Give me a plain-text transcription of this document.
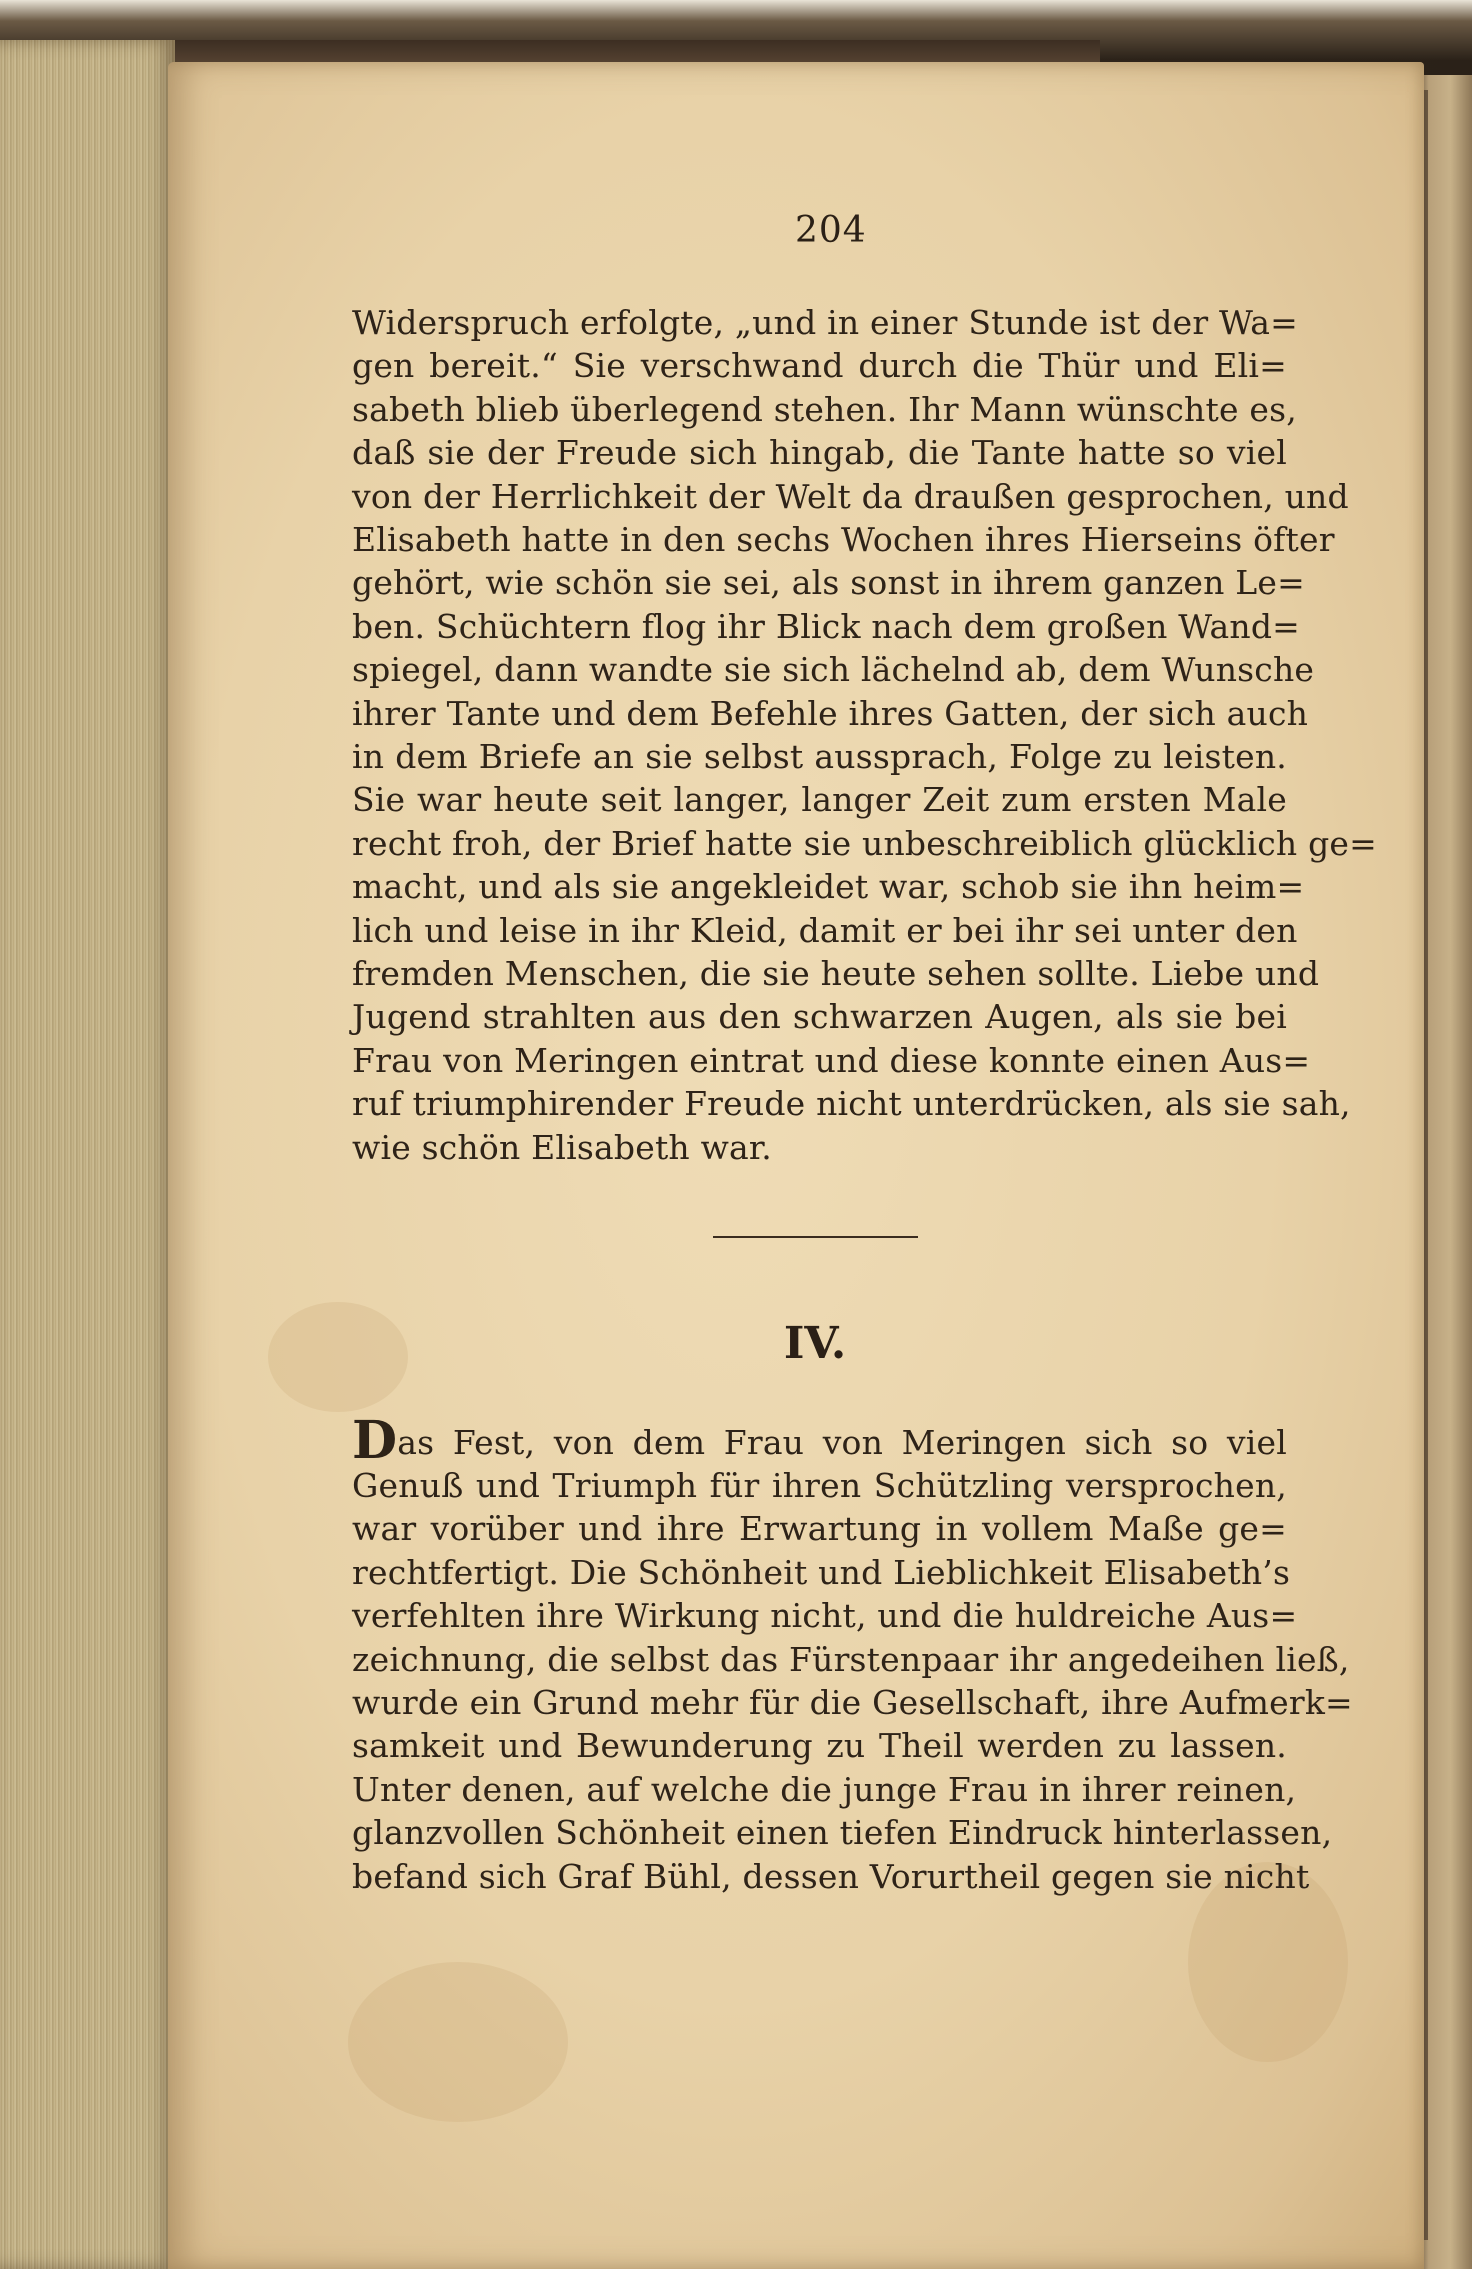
204
Widerspruch erfolgte, „und in einer Stunde ist der Wa=
gen bereit.“ Sie verschwand durch die Thür und Eli=
sabeth blieb überlegend stehen. Ihr Mann wünschte es,
daß sie der Freude sich hingab, die Tante hatte so viel
von der Herrlichkeit der Welt da draußen gesprochen, und
Elisabeth hatte in den sechs Wochen ihres Hierseins öfter
gehört, wie schön sie sei, als sonst in ihrem ganzen Le=
ben. Schüchtern flog ihr Blick nach dem großen Wand=
spiegel, dann wandte sie sich lächelnd ab, dem Wunsche
ihrer Tante und dem Befehle ihres Gatten, der sich auch
in dem Briefe an sie selbst aussprach, Folge zu leisten.
Sie war heute seit langer, langer Zeit zum ersten Male
recht froh, der Brief hatte sie unbeschreiblich glücklich ge=
macht, und als sie angekleidet war, schob sie ihn heim=
lich und leise in ihr Kleid, damit er bei ihr sei unter den
fremden Menschen, die sie heute sehen sollte. Liebe und
Jugend strahlten aus den schwarzen Augen, als sie bei
Frau von Meringen eintrat und diese konnte einen Aus=
ruf triumphirender Freude nicht unterdrücken, als sie sah,
wie schön Elisabeth war.
IV.
Das Fest, von dem Frau von Meringen sich so viel
Genuß und Triumph für ihren Schützling versprochen,
war vorüber und ihre Erwartung in vollem Maße ge=
rechtfertigt. Die Schönheit und Lieblichkeit Elisabeth’s
verfehlten ihre Wirkung nicht, und die huldreiche Aus=
zeichnung, die selbst das Fürstenpaar ihr angedeihen ließ,
wurde ein Grund mehr für die Gesellschaft, ihre Aufmerk=
samkeit und Bewunderung zu Theil werden zu lassen.
Unter denen, auf welche die junge Frau in ihrer reinen,
glanzvollen Schönheit einen tiefen Eindruck hinterlassen,
befand sich Graf Bühl, dessen Vorurtheil gegen sie nicht
